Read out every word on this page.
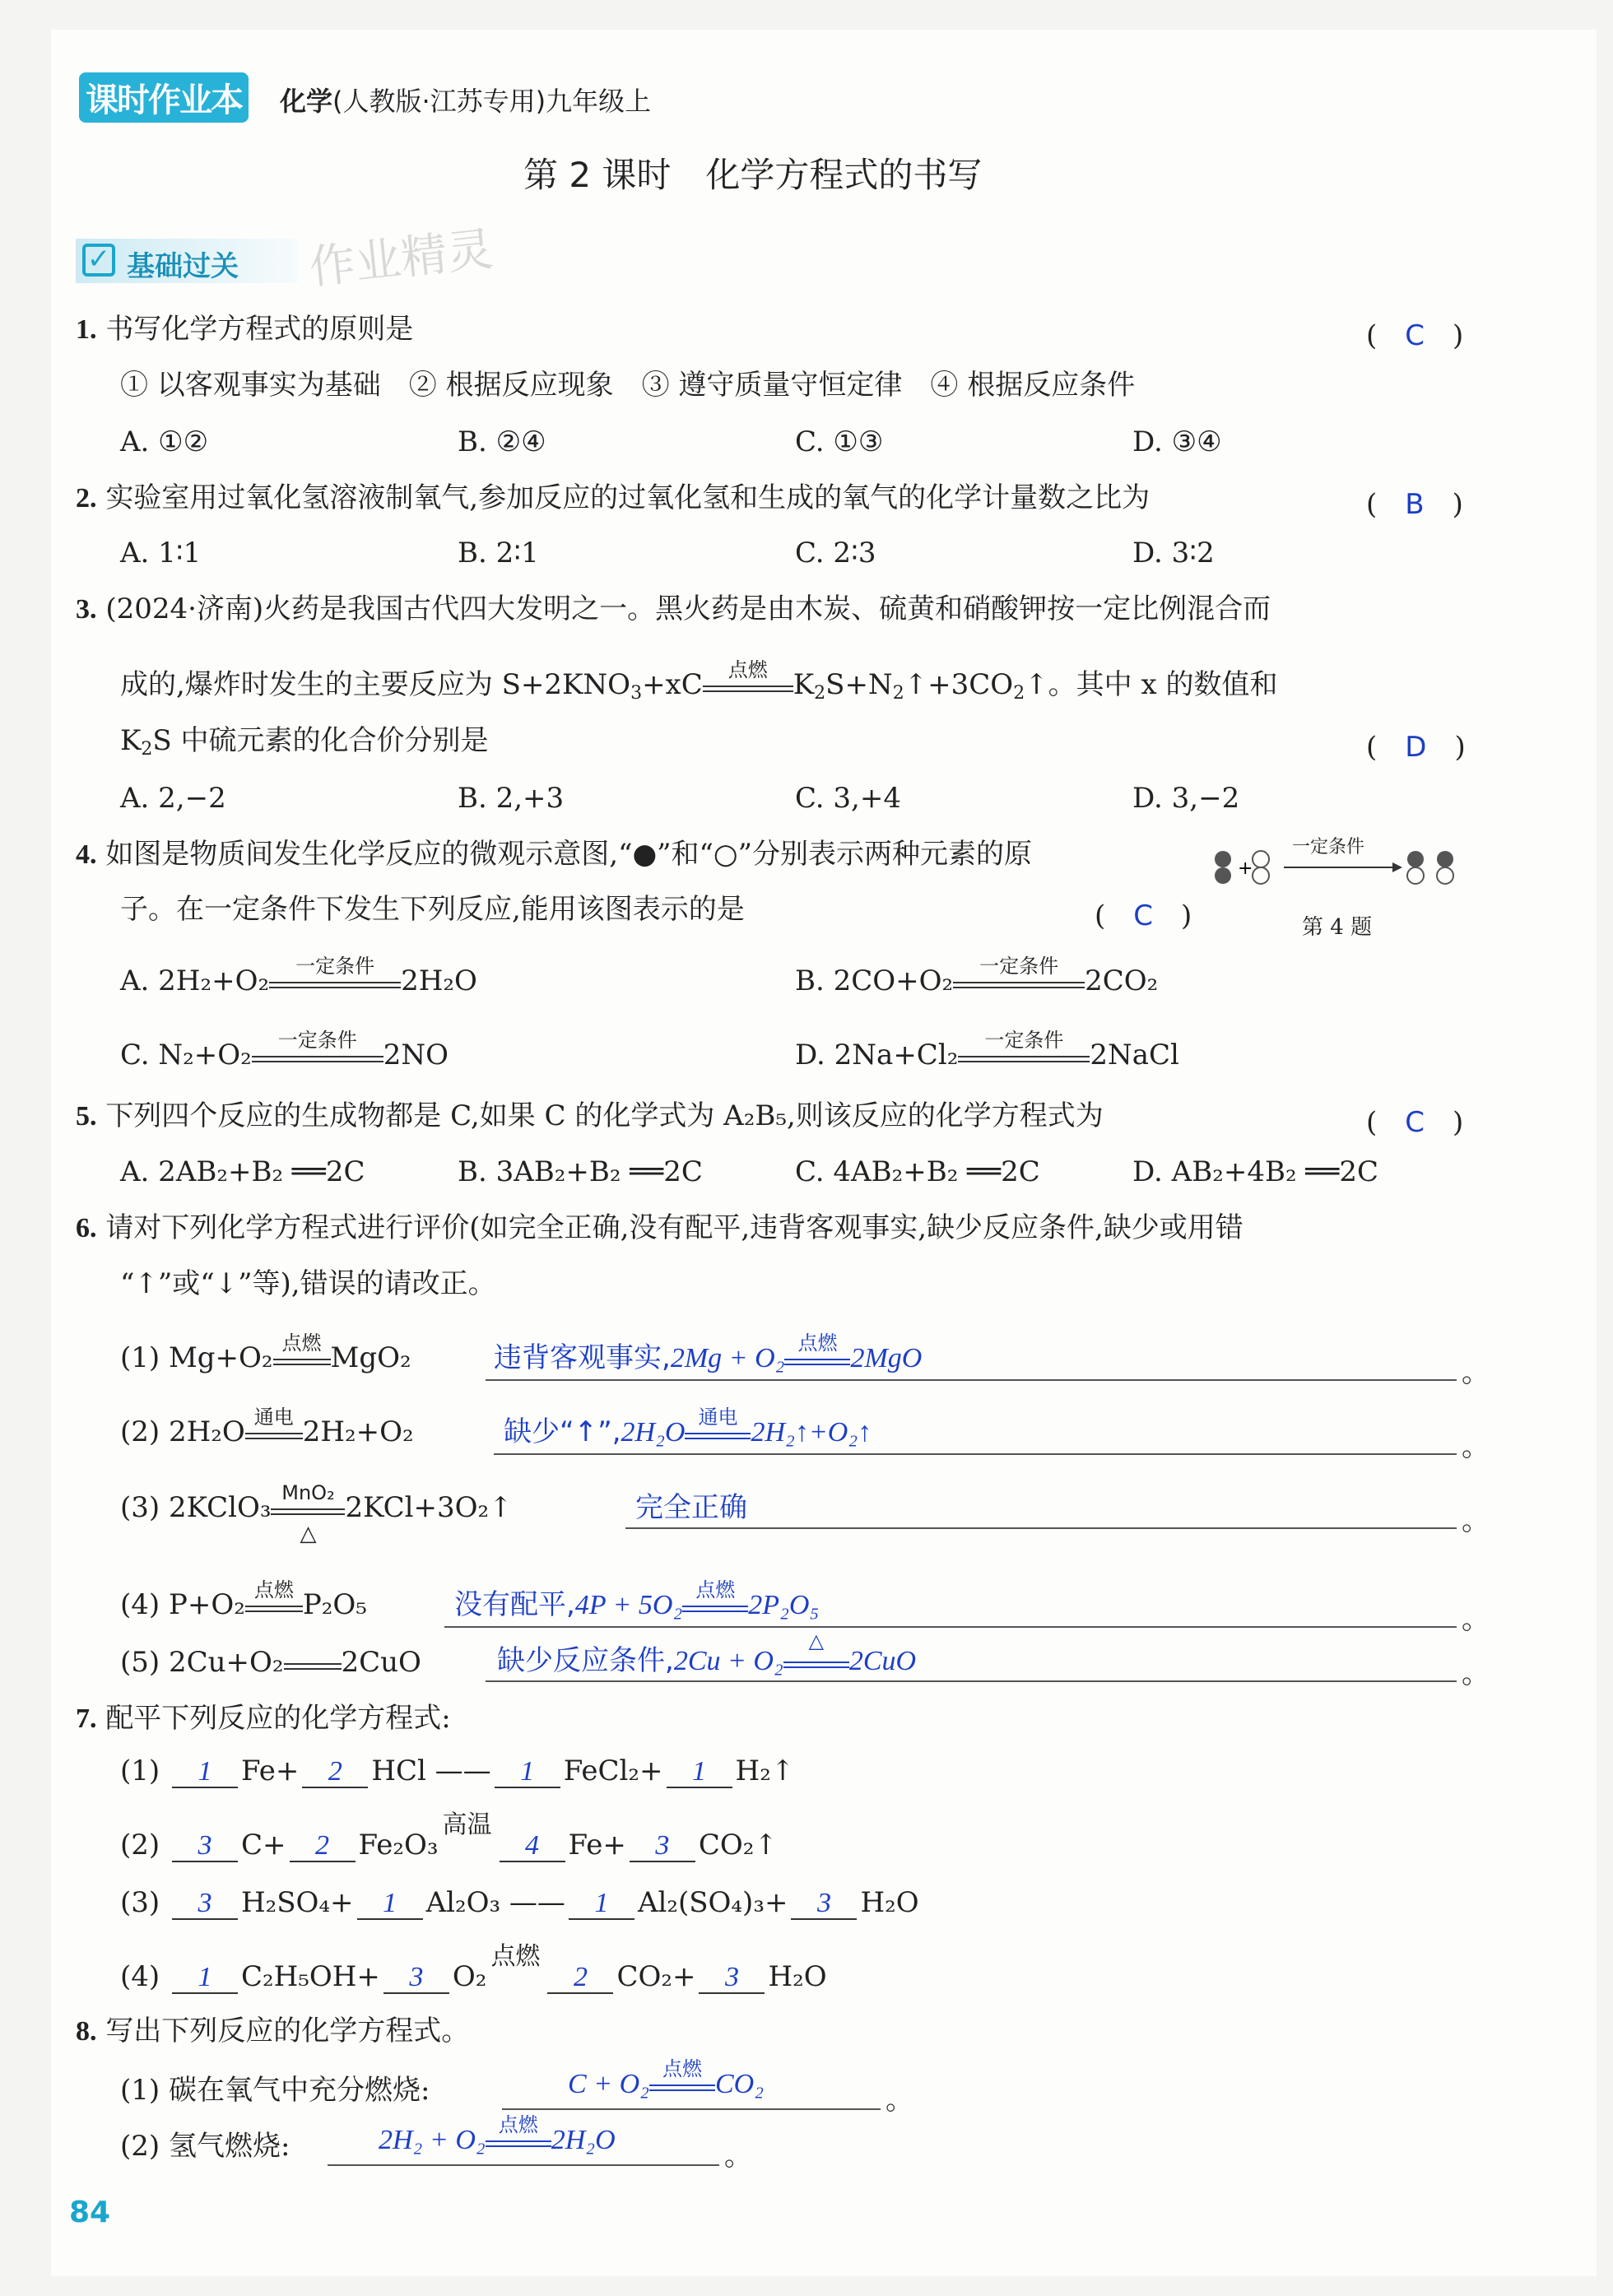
课时作业本 化学(人教版·江苏专用)九年级上
第 2 课时　化学方程式的书写
✓ 基础过关 作业精灵
1. 书写化学方程式的原则是	(　C　)
① 以客观事实为基础　② 根据反应现象　③ 遵守质量守恒定律　④ 根据反应条件
A. ①②	B. ②④	C. ①③	D. ③④
2. 实验室用过氧化氢溶液制氧气,参加反应的过氧化氢和生成的氧气的化学计量数之比为	(　B　)
A. 1∶1	B. 2∶1	C. 2∶3	D. 3∶2
3. (2024·济南)火药是我国古代四大发明之一。黑火药是由木炭、硫黄和硝酸钾按一定比例混合而
成的,爆炸时发生的主要反应为 $S+2KNO_3+xC$	点燃 $K_2S+N_2↑+3CO_2↑$。其中 x 的数值和
$K_2S$ 中硫元素的化合价分别是	(　D　)
A. 2,−2	B. 2,+3	C. 3,+4	D. 3,−2
4. 如图是物质间发生化学反应的微观示意图,“●”和“○”分别表示两种元素的原
子。在一定条件下发生下列反应,能用该图表示的是	(　C　)
+
一定条件
第 4 题
A. 2H₂+O₂	一定条件 2H₂O	B. 2CO+O₂	一定条件 2CO₂
C. N₂+O₂	一定条件 2NO	D. 2Na+Cl₂	一定条件 2NaCl
5. 下列四个反应的生成物都是 C,如果 C 的化学式为 A₂B₅,则该反应的化学方程式为	(　C　)
A. 2AB₂+B₂ ══2C	B. 3AB₂+B₂ ══2C	C. 4AB₂+B₂ ══2C	D. AB₂+4B₂ ══2C
6. 请对下列化学方程式进行评价(如完全正确,没有配平,违背客观事实,缺少反应条件,缺少或用错
“↑”或“↓”等),错误的请改正。
(1) Mg+O₂ 点燃 MgO₂	违背客观事实,2Mg + O₂ 点燃 2MgO	。
(2) 2H₂O 通电 2H₂+O₂	缺少“↑”,2H₂O 通电 2H₂↑+O₂↑	。
(3) 2KClO₃ MnO₂
△
2KCl+3O₂↑	完全正确	。
(4) P+O₂ 点燃 P₂O₅	没有配平,4P + 5O₂ 点燃 2P₂O₅	。
(5) 2Cu+O₂ 2CuO	缺少反应条件,2Cu + O₂
△
2CuO	。
7. 配平下列反应的化学方程式:
(1) 1 Fe+ 2 HCl —— 1 FeCl₂+ 1 H₂↑
(2) 3 C+ 2 Fe₂O₃
高温
4 Fe+ 3 CO₂↑
(3) 3 H₂SO₄+ 1 Al₂O₃ —— 1 Al₂(SO₄)₃+ 3 H₂O
(4) 1 C₂H₅OH+ 3 O₂
点燃
2 CO₂+ 3 H₂O
8. 写出下列反应的化学方程式。
(1) 碳在氧气中充分燃烧:	C + O₂ 点燃 CO₂	。
(2) 氢气燃烧:	2H₂ + O₂ 点燃 2H₂O	。
84
